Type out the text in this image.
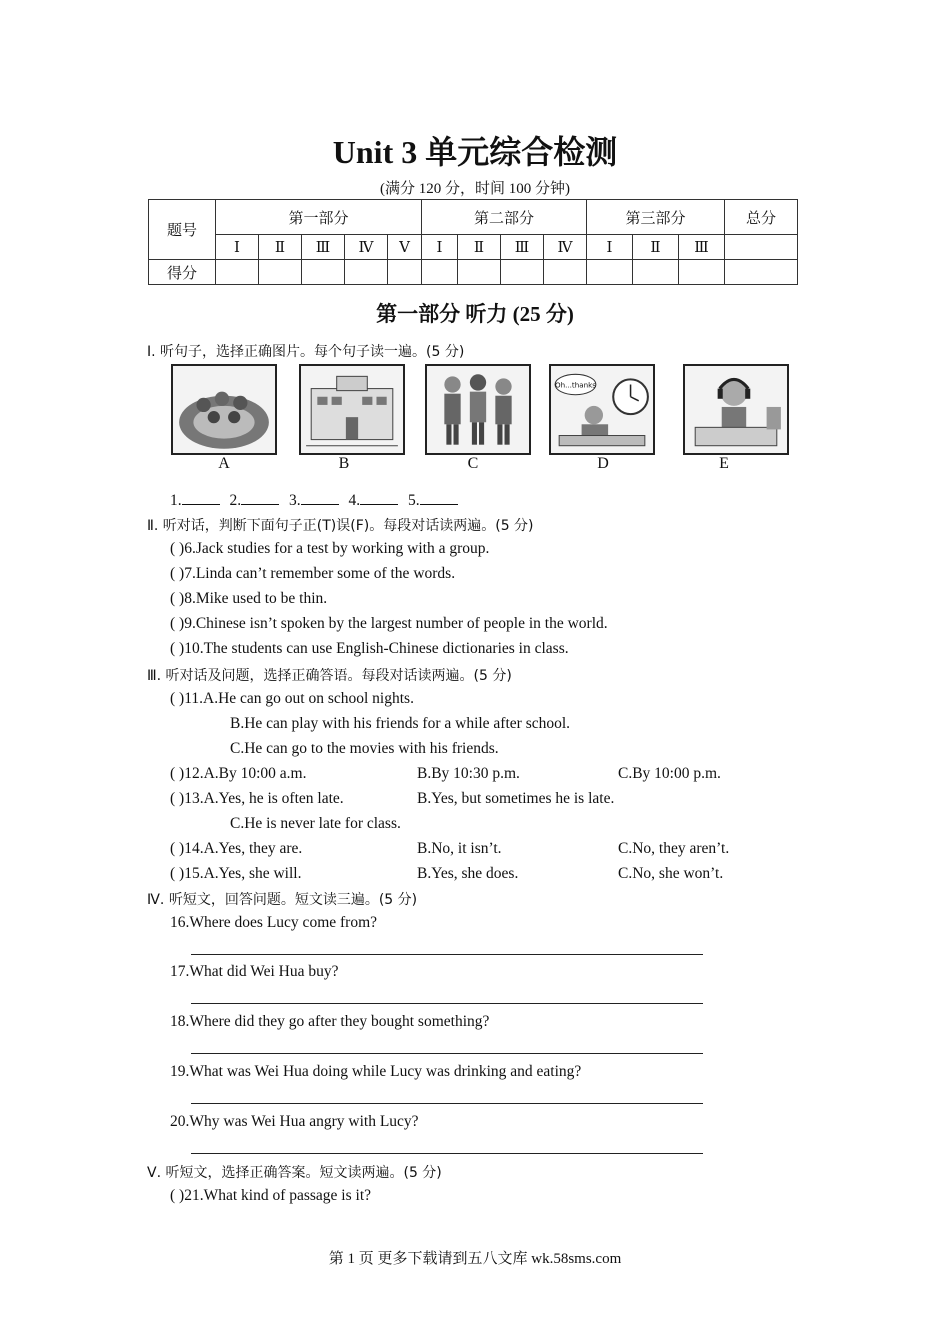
Unit 3 单元综合检测
(满分 120 分，时间 100 分钟)
题号	第一部分					第二部分				第三部分			总分
	Ⅰ	Ⅱ	Ⅲ	Ⅳ	Ⅴ	Ⅰ	Ⅱ	Ⅲ	Ⅳ	Ⅰ	Ⅱ	Ⅲ	
得分													
第一部分 听力 (25 分)
Ⅰ. 听句子，选择正确图片。每个句子读一遍。(5 分)
Oh...thanks
A	B	C	D	E
1.	2.	3.	4.	5.
Ⅱ. 听对话，判断下面句子正(T)误(F)。每段对话读两遍。(5 分)
( )6.Jack studies for a test by working with a group.
( )7.Linda can’t remember some of the words.
( )8.Mike used to be thin.
( )9.Chinese isn’t spoken by the largest number of people in the world.
( )10.The students can use English-Chinese dictionaries in class.
Ⅲ. 听对话及问题，选择正确答语。每段对话读两遍。(5 分)
( )11.A.He can go out on school nights.
B.He can play with his friends for a while after school.
C.He can go to the movies with his friends.
( )12.A.By 10:00 a.m.	B.By 10:30 p.m.	C.By 10:00 p.m.
( )13.A.Yes, he is often late.	B.Yes, but sometimes he is late.
C.He is never late for class.
( )14.A.Yes, they are.	B.No, it isn’t.	C.No, they aren’t.
( )15.A.Yes, she will.	B.Yes, she does.	C.No, she won’t.
Ⅳ. 听短文，回答问题。短文读三遍。(5 分)
16.Where does Lucy come from?
17.What did Wei Hua buy?
18.Where did they go after they bought something?
19.What was Wei Hua doing while Lucy was drinking and eating?
20.Why was Wei Hua angry with Lucy?
Ⅴ. 听短文，选择正确答案。短文读两遍。(5 分)
( )21.What kind of passage is it?
第 1 页 更多下载请到五八文库 wk.58sms.com
